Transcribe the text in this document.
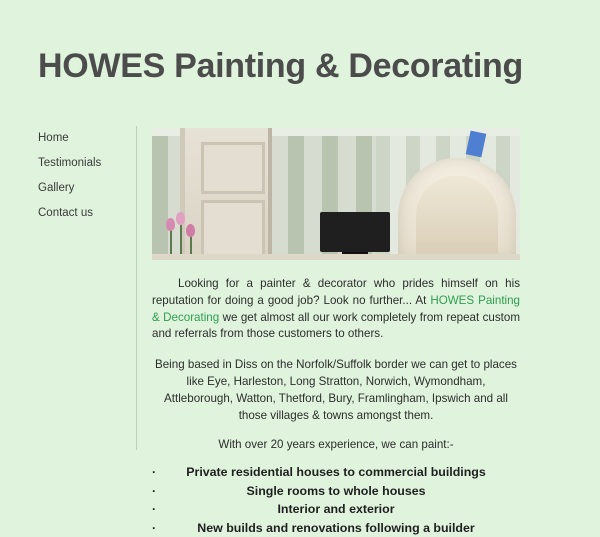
HOWES Painting & Decorating
Home
Testimonials
Gallery
Contact us

Looking for a painter & decorator who prides himself on his reputation for doing a good job? Look no further... At HOWES Painting & Decorating we get almost all our work completely from repeat custom and referrals from those customers to others.

Being based in Diss on the Norfolk/Suffolk border we can get to places like Eye, Harleston, Long Stratton, Norwich, Wymondham, Attleborough, Watton, Thetford, Bury, Framlingham, Ipswich and all those villages & towns amongst them.

With over 20 years experience, we can paint:-

· Private residential houses to commercial buildings
·	Single rooms to whole houses
·	Interior and exterior
·	New builds and renovations following a builder
